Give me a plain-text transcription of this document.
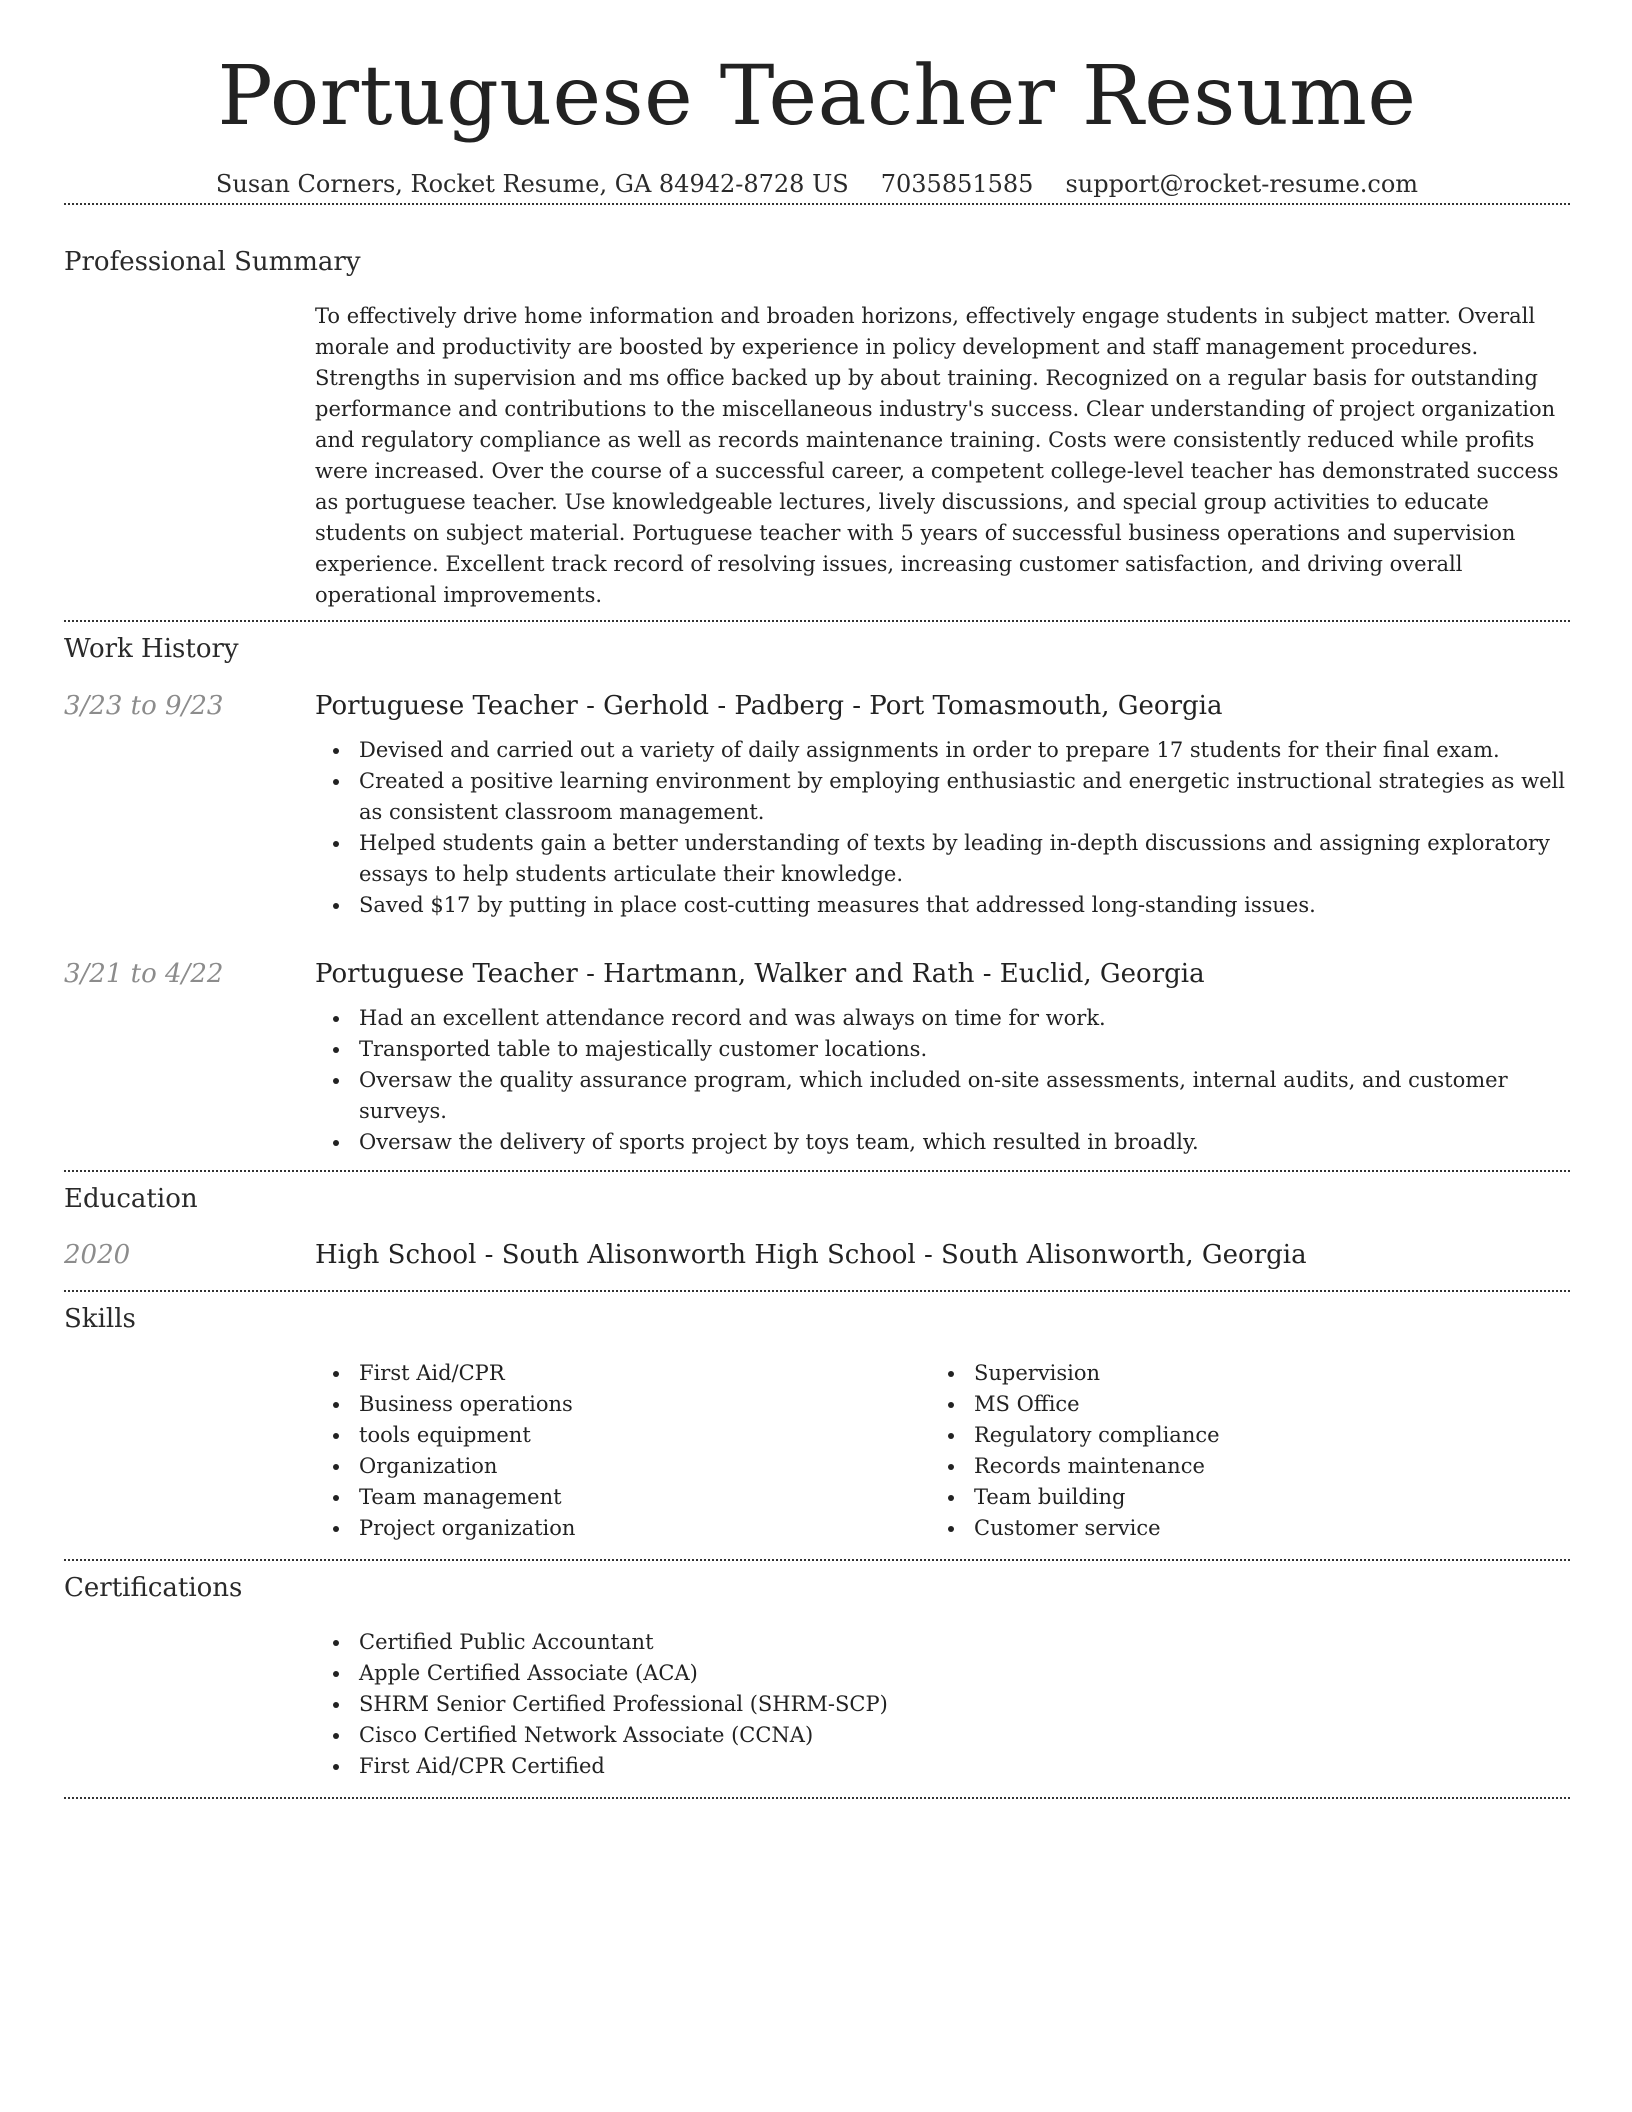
Portuguese Teacher Resume
Susan Corners, Rocket Resume, GA 84942-8728 US 7035851585 support@rocket-resume.com
Professional Summary
To effectively drive home information and broaden horizons, effectively engage students in subject matter. Overall morale and productivity are boosted by experience in policy development and staff management procedures. Strengths in supervision and ms office backed up by about training. Recognized on a regular basis for outstanding performance and contributions to the miscellaneous industry's success. Clear understanding of project organization and regulatory compliance as well as records maintenance training. Costs were consistently reduced while profits were increased. Over the course of a successful career, a competent college-level teacher has demonstrated success as portuguese teacher. Use knowledgeable lectures, lively discussions, and special group activities to educate students on subject material. Portuguese teacher with 5 years of successful business operations and supervision experience. Excellent track record of resolving issues, increasing customer satisfaction, and driving overall operational improvements.
Work History
3/23 to 9/23	Portuguese Teacher - Gerhold - Padberg - Port Tomasmouth, Georgia
Devised and carried out a variety of daily assignments in order to prepare 17 students for their final exam.
Created a positive learning environment by employing enthusiastic and energetic instructional strategies as well as consistent classroom management.
Helped students gain a better understanding of texts by leading in-depth discussions and assigning exploratory essays to help students articulate their knowledge.
Saved $17 by putting in place cost-cutting measures that addressed long-standing issues.
3/21 to 4/22	Portuguese Teacher - Hartmann, Walker and Rath - Euclid, Georgia
Had an excellent attendance record and was always on time for work.
Transported table to majestically customer locations.
Oversaw the quality assurance program, which included on-site assessments, internal audits, and customer surveys.
Oversaw the delivery of sports project by toys team, which resulted in broadly.
Education
2020	High School - South Alisonworth High School - South Alisonworth, Georgia
Skills
First Aid/CPR
Business operations
tools equipment
Organization
Team management
Project organization
Supervision
MS Office
Regulatory compliance
Records maintenance
Team building
Customer service
Certifications
Certified Public Accountant
Apple Certified Associate (ACA)
SHRM Senior Certified Professional (SHRM-SCP)
Cisco Certified Network Associate (CCNA)
First Aid/CPR Certified
